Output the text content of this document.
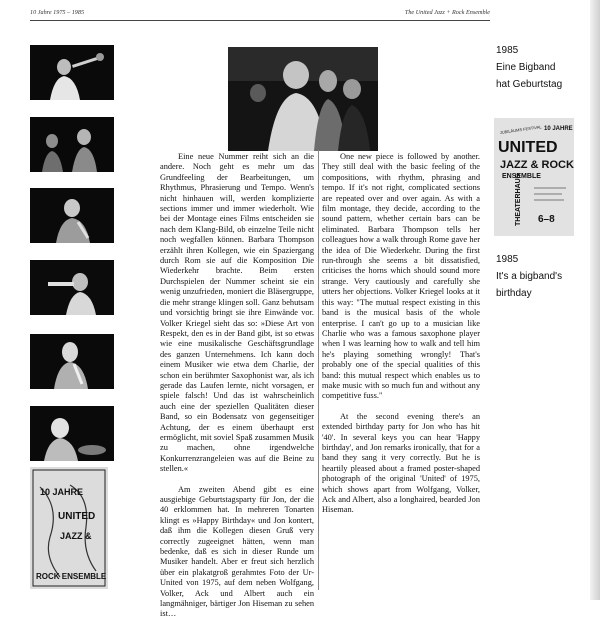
10 Jahre 1975 – 1985	The United Jazz + Rock Ensemble
10 JAHRE
UNITED
JAZZ &
ROCK ENSEMBLE

Eine neue Nummer reiht sich an die andere. Noch geht es mehr um das Grundfeeling der Bearbeitungen, um Rhythmus, Phrasierung und Tempo. Wenn's nicht hinhauen will, werden komplizierte sections immer und immer wiederholt. Wie bei der Montage eines Films entscheiden sie nach dem Klang-Bild, ob einzelne Teile nicht noch wegfallen können. Barbara Thompson erzählt ihren Kollegen, wie ein Spaziergang durch Rom sie auf die Komposition Die Wiederkehr brachte. Beim ersten Durchspielen der Nummer scheint sie ein wenig unzufrieden, moniert die Bläsergruppe, die mehr strange klingen soll. Ganz behutsam und vorsichtig bringt sie ihre Einwände vor. Volker Kriegel sieht das so: »Diese Art von Respekt, den es in der Band gibt, ist so etwas wie eine musikalische Geschäftsgrundlage des ganzen Unternehmens. Ich kann doch einem Musiker wie etwa dem Charlie, der schon ein berühmter Saxophonist war, als ich gerade das Laufen lernte, nicht vorsagen, er spiele falsch! Und das ist wahrscheinlich auch eine der speziellen Qualitäten dieser Band, so ein Bodensatz von gegenseitiger Achtung, der es einem überhaupt erst ermöglicht, mit soviel Spaß zusammen Musik zu machen, ohne irgendwelche Konkurrenzrangeleien was auf die Beine zu stellen.«

Am zweiten Abend gibt es eine ausgiebige Geburtstagsparty für Jon, der die 40 erklommen hat. In mehreren Tonarten klingt es »Happy Birthday« und Jon kontert, daß ihm die Kollegen diesen Gruß very correctly zugeeignet hätten, wenn man bedenke, daß es sich in dieser Runde um Musiker handelt. Aber er freut sich herzlich über ein plakatgroß gerahmtes Foto der Ur-United von 1975, auf dem neben Wolfgang, Volker, Ack und Albert auch ein langmähniger, bärtiger Jon Hiseman zu sehen ist…

One new piece is followed by another. They still deal with the basic feeling of the compositions, with rhythm, phrasing and tempo. If it's not right, complicated sections are repeated over and over again. As with a film montage, they decide, according to the sound pattern, whether certain bars can be eliminated. Barbara Thompson tells her colleagues how a walk through Rome gave her the idea of Die Wiederkehr. During the first run-through she seems a bit dissatisfied, criticises the horns which should sound more strange. Very cautiously and carefully she utters her objections. Volker Kriegel looks at it this way: "The mutual respect existing in this band is the musical basis of the whole enterprise. I can't go up to a musician like Charlie who was a famous saxophone player when I was learning how to walk and tell him he's playing something wrongly! That's probably one of the special qualities of this band: this mutual respect which enables us to make music with so much fun and without any competitive fuss."

At the second evening there's an extended birthday party for Jon who has hit '40'. In several keys you can hear 'Happy birthday', and Jon remarks ironically, that for a band they sang it very correctly. But he is heartily pleased about a framed poster-shaped photograph of the original 'United' of 1975, which shows apart from Wolfgang, Volker, Ack and Albert, also a longhaired, bearded Jon Hiseman.

1985
Eine Bigband
hat Geburtstag
JUBILÄUMS FESTIVAL 10 JAHRE
UNITED
JAZZ & ROCK
ENSEMBLE
THEATERHAUS 6–8
1985
It's a bigband's
birthday
